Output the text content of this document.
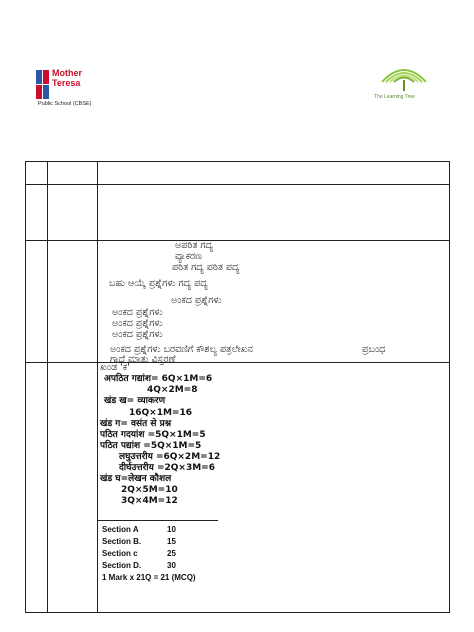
Mother
Teresa
Public School (CBSE)
The Learning Tree
ಅಪಠಿತ ಗದ್ಯ
ವ್ಯಾಕರಣ
ಪಠಿತ ಗದ್ಯ ಪಠಿತ ಪದ್ಯ
ಬಹು ಆಯ್ಕೆ ಪ್ರಶ್ನೆಗಳು ಗದ್ಯ ಪದ್ಯ
ಅಂಕದ ಪ್ರಶ್ನೆಗಳು
ಅಂಕದ ಪ್ರಶ್ನೆಗಳು
ಅಂಕದ ಪ್ರಶ್ನೆಗಳು
ಅಂಕದ ಪ್ರಶ್ನೆಗಳು
ಅಂಕದ ಪ್ರಶ್ನೆಗಳು ಬರವಣಿಗೆ ಕೌಶಲ್ಯ ಪತ್ರಲೇಖನ	ಪ್ರಬಂಧ
ಗಾದೆ ಮಾತು ವಿಸ್ತರಣೆ
ಖಂಡ 'ಕ'
अपठित गद्यांश= 6Q×1M=6
4Q×2M=8
खंड ख= व्याकरण
16Q×1M=16
खंड ग= वसंत से प्रश्न
पठित गदयांश =5Q×1M=5
पठित पद्यांश =5Q×1M=5
लघुउत्तरीय =6Q×2M=12
दीर्घउत्तरीय =2Q×3M=6
खंड घ=लेखन कौशल
2Q×5M=10
3Q×4M=12
Section A	10
Section B.	15
Section c	25
Section D.	30
1 Mark x 21Q = 21 (MCQ)
